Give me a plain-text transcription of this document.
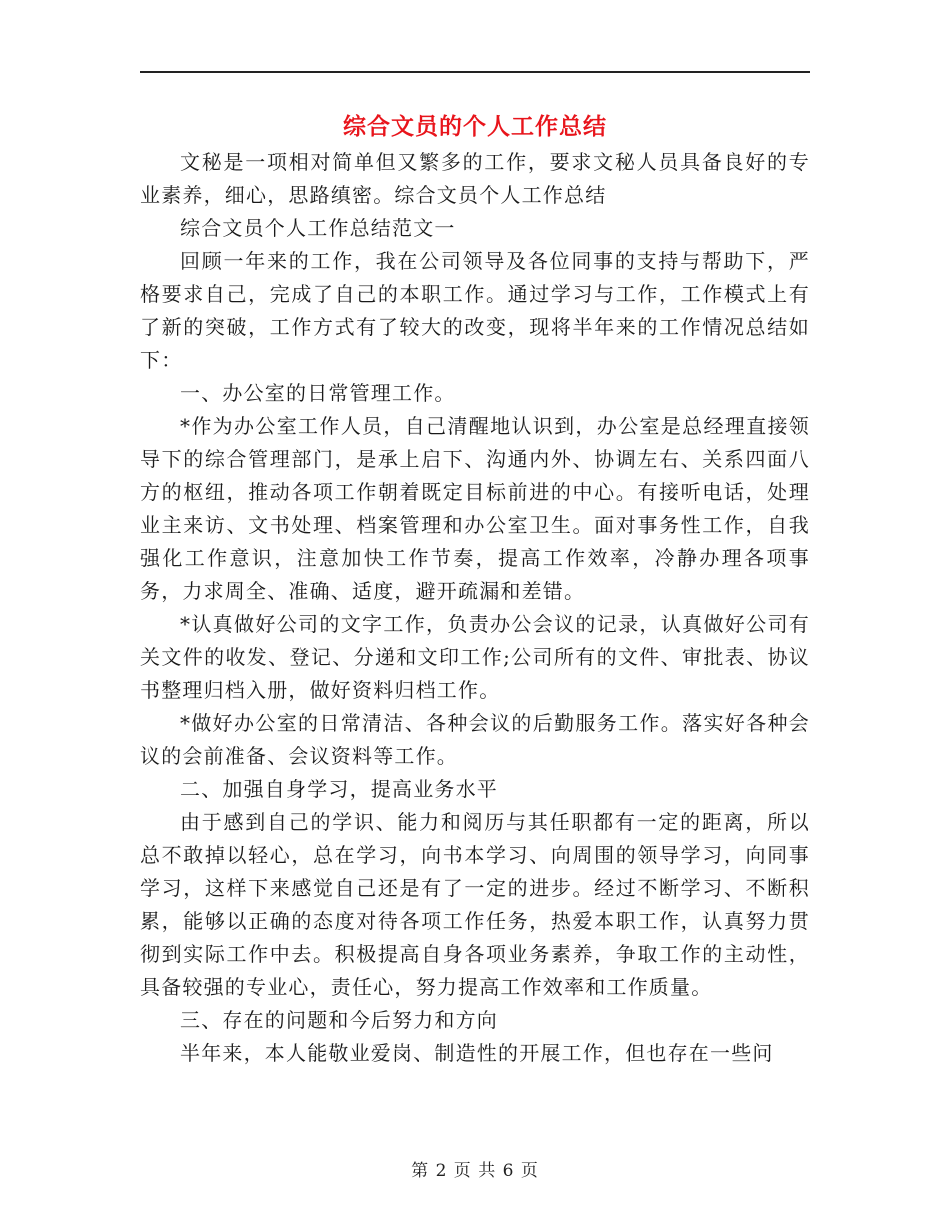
综合文员的个人工作总结

文秘是一项相对简单但又繁多的工作，要求文秘人员具备良好的专业素养，细心，思路缜密。综合文员个人工作总结

综合文员个人工作总结范文一

回顾一年来的工作，我在公司领导及各位同事的支持与帮助下，严格要求自己，完成了自己的本职工作。通过学习与工作，工作模式上有了新的突破，工作方式有了较大的改变，现将半年来的工作情况总结如下：

一、办公室的日常管理工作。

*作为办公室工作人员，自己清醒地认识到，办公室是总经理直接领导下的综合管理部门，是承上启下、沟通内外、协调左右、关系四面八方的枢纽，推动各项工作朝着既定目标前进的中心。有接听电话，处理业主来访、文书处理、档案管理和办公室卫生。面对事务性工作，自我强化工作意识，注意加快工作节奏，提高工作效率，冷静办理各项事务，力求周全、准确、适度，避开疏漏和差错。

*认真做好公司的文字工作，负责办公会议的记录，认真做好公司有关文件的收发、登记、分递和文印工作;公司所有的文件、审批表、协议书整理归档入册，做好资料归档工作。

*做好办公室的日常清洁、各种会议的后勤服务工作。落实好各种会议的会前准备、会议资料等工作。

二、加强自身学习，提高业务水平

由于感到自己的学识、能力和阅历与其任职都有一定的距离，所以总不敢掉以轻心，总在学习，向书本学习、向周围的领导学习，向同事学习，这样下来感觉自己还是有了一定的进步。经过不断学习、不断积累，能够以正确的态度对待各项工作任务，热爱本职工作，认真努力贯彻到实际工作中去。积极提高自身各项业务素养，争取工作的主动性，具备较强的专业心，责任心，努力提高工作效率和工作质量。

三、存在的问题和今后努力和方向

半年来，本人能敬业爱岗、制造性的开展工作，但也存在一些问

第 2 页 共 6 页
